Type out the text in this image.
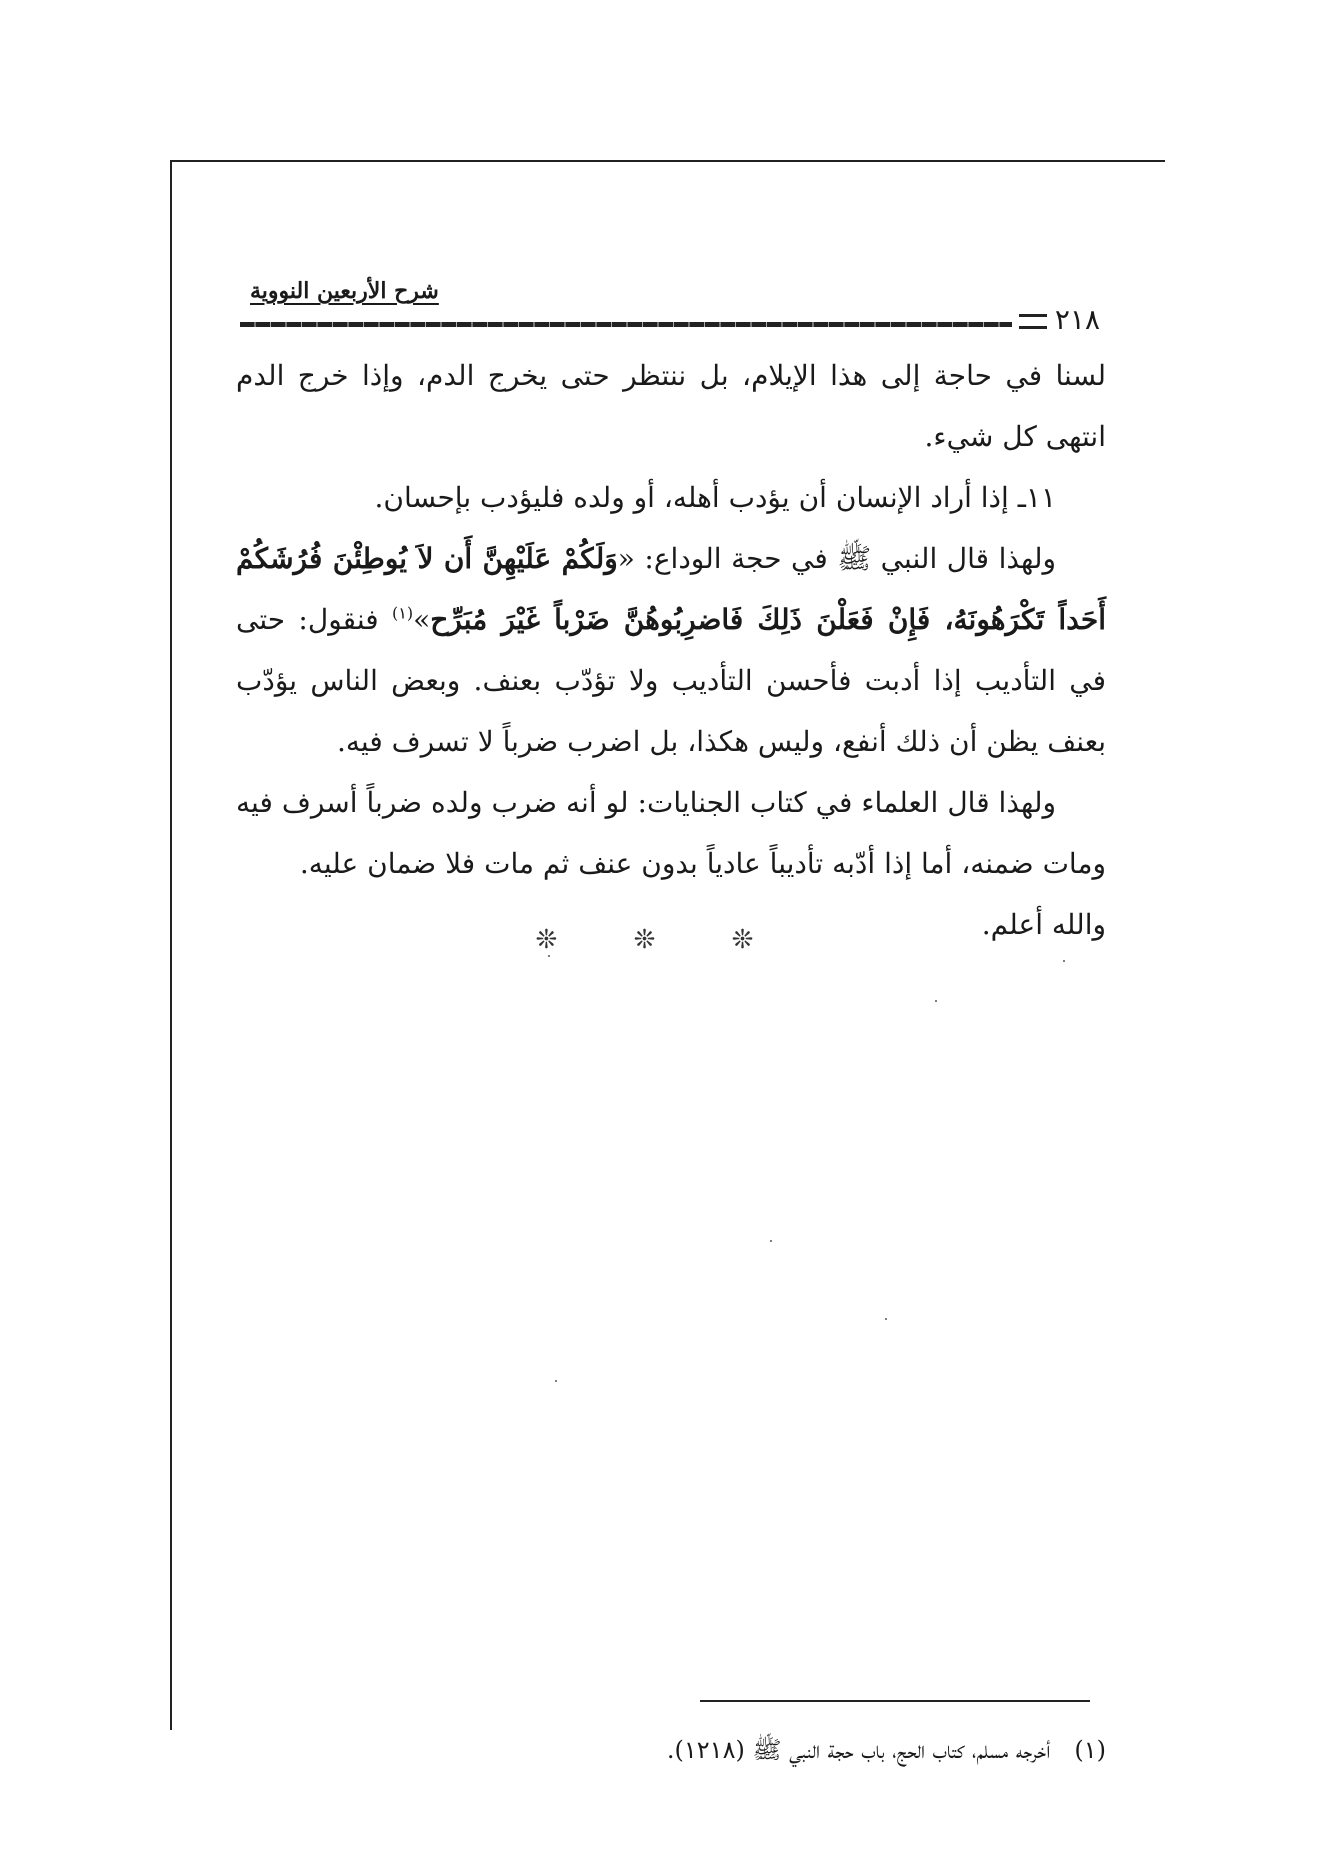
شرح الأربعين النووية
٢١٨

لسنا في حاجة إلى هذا الإيلام، بل ننتظر حتى يخرج الدم، وإذا خرج الدم انتهى كل شيء.

١١ـ إذا أراد الإنسان أن يؤدب أهله، أو ولده فليؤدب بإحسان.

ولهذا قال النبي ﷺ في حجة الوداع: «وَلَكُمْ عَلَيْهِنَّ أَن لاَ يُوطِئْنَ فُرُشَكُمْ أَحَداً تَكْرَهُونَهُ، فَإِنْ فَعَلْنَ ذَلِكَ فَاضرِبُوهُنَّ ضَرْباً غَيْرَ مُبَرِّح»$^{(١)}$ فنقول: حتى في التأديب إذا أدبت فأحسن التأديب ولا تؤدّب بعنف. وبعض الناس يؤدّب بعنف يظن أن ذلك أنفع، وليس هكذا، بل اضرب ضرباً لا تسرف فيه.

ولهذا قال العلماء في كتاب الجنايات: لو أنه ضرب ولده ضرباً أسرف فيه ومات ضمنه، أما إذا أدّبه تأديباً عادياً بدون عنف ثم مات فلا ضمان عليه.

والله أعلم.

❊ ❊ ❊
(١)أخرجه مسلم، كتاب الحج، باب حجة النبي ﷺ (١٢١٨).
